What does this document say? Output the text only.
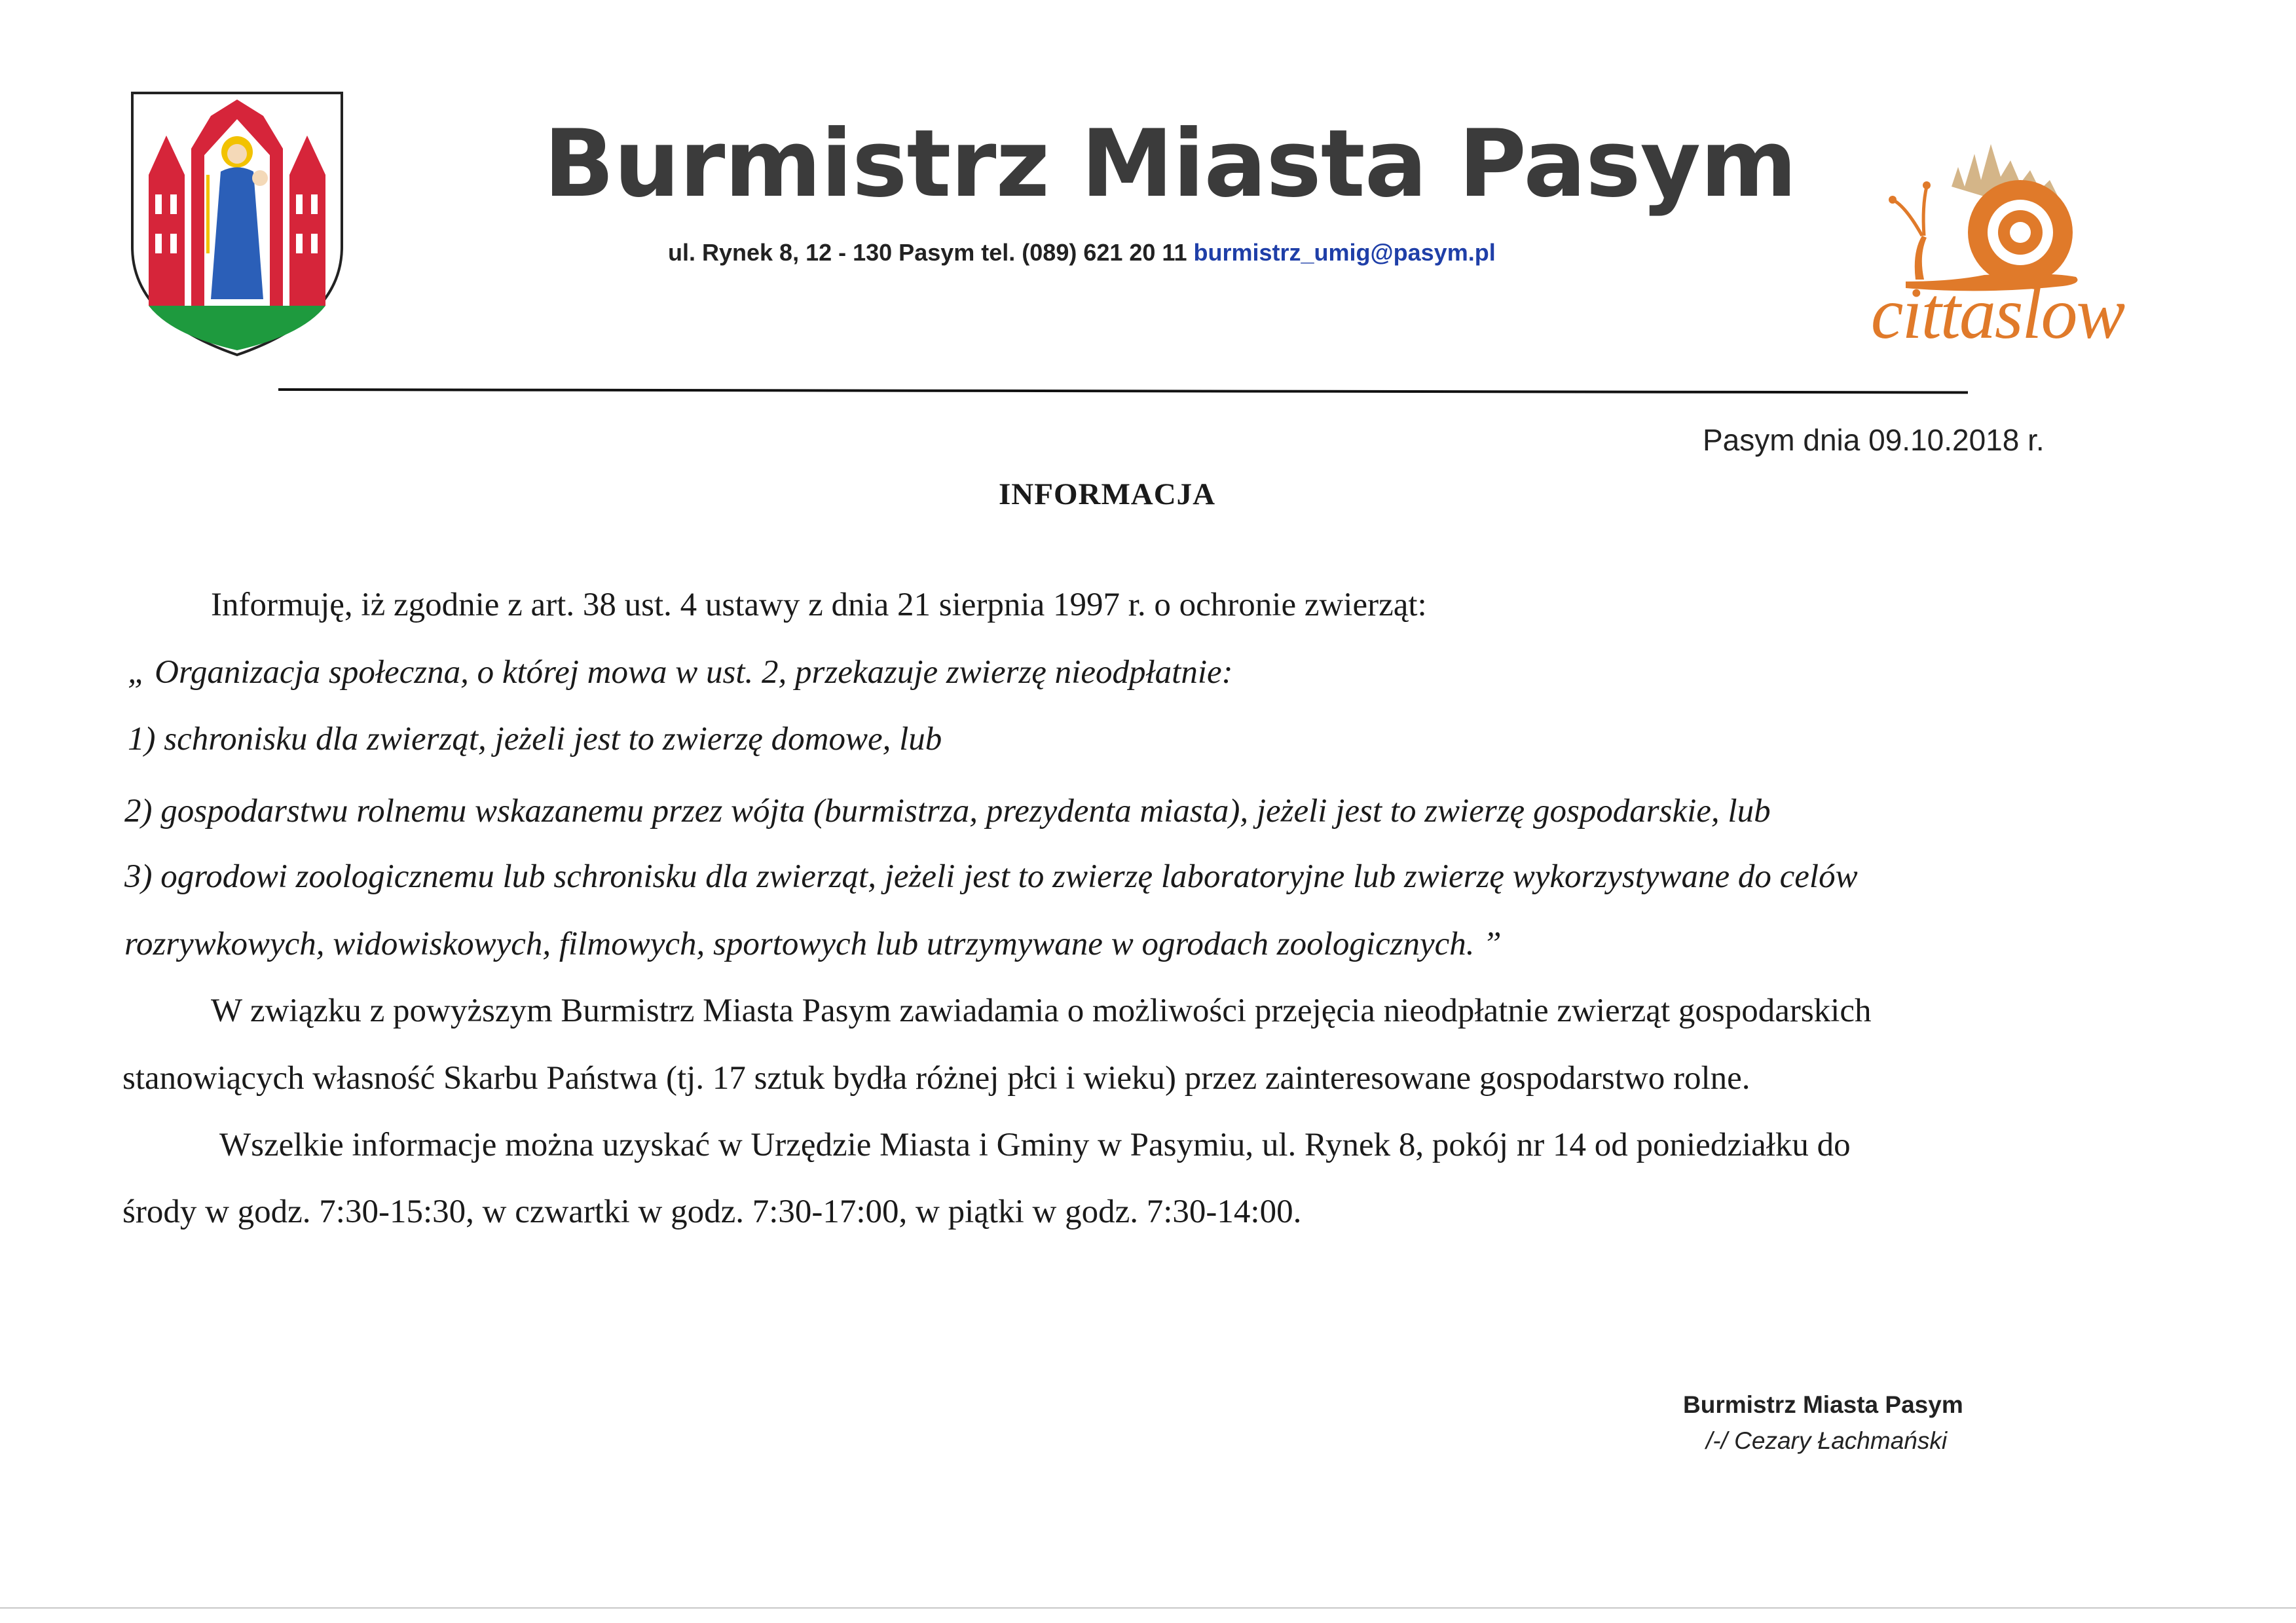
Burmistrz Miasta Pasym
ul. Rynek 8, 12 - 130 Pasym tel. (089) 621 20 11 burmistrz_umig@pasym.pl
cittaslow
Pasym dnia 09.10.2018 r.
INFORMACJA
Informuję, iż zgodnie z art. 38 ust. 4 ustawy z dnia 21 sierpnia 1997 r. o ochronie zwierząt:
„ Organizacja społeczna, o której mowa w ust. 2, przekazuje zwierzę nieodpłatnie:
1) schronisku dla zwierząt, jeżeli jest to zwierzę domowe, lub
2) gospodarstwu rolnemu wskazanemu przez wójta (burmistrza, prezydenta miasta), jeżeli jest to zwierzę gospodarskie, lub
3) ogrodowi zoologicznemu lub schronisku dla zwierząt, jeżeli jest to zwierzę laboratoryjne lub zwierzę wykorzystywane do celów
rozrywkowych, widowiskowych, filmowych, sportowych lub utrzymywane w ogrodach zoologicznych. ”
W związku z powyższym Burmistrz Miasta Pasym zawiadamia o możliwości przejęcia nieodpłatnie zwierząt gospodarskich
stanowiących własność Skarbu Państwa (tj. 17 sztuk bydła różnej płci i wieku) przez zainteresowane gospodarstwo rolne.
Wszelkie informacje można uzyskać w Urzędzie Miasta i Gminy w Pasymiu, ul. Rynek 8, pokój nr 14 od poniedziałku do
środy w godz. 7:30-15:30, w czwartki w godz. 7:30-17:00, w piątki w godz. 7:30-14:00.
Burmistrz Miasta Pasym
/-/ Cezary Łachmański
